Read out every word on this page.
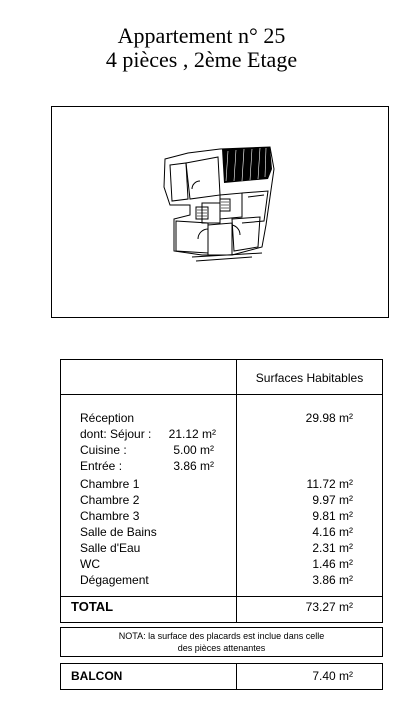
Appartement n° 25
4 pièces , 2ème Etage
Surfaces Habitables
Réception	29.98 m²
dont: Séjour :	21.12 m²
Cuisine :	5.00 m²
Entrée :	3.86 m²
Chambre 1	11.72 m²
Chambre 2	9.97 m²
Chambre 3	9.81 m²
Salle de Bains	4.16 m²
Salle d'Eau	2.31 m²
WC	1.46 m²
Dégagement	3.86 m²
TOTAL	73.27 m²
NOTA: la surface des placards est inclue dans celle
des pièces attenantes
BALCON	7.40 m²
